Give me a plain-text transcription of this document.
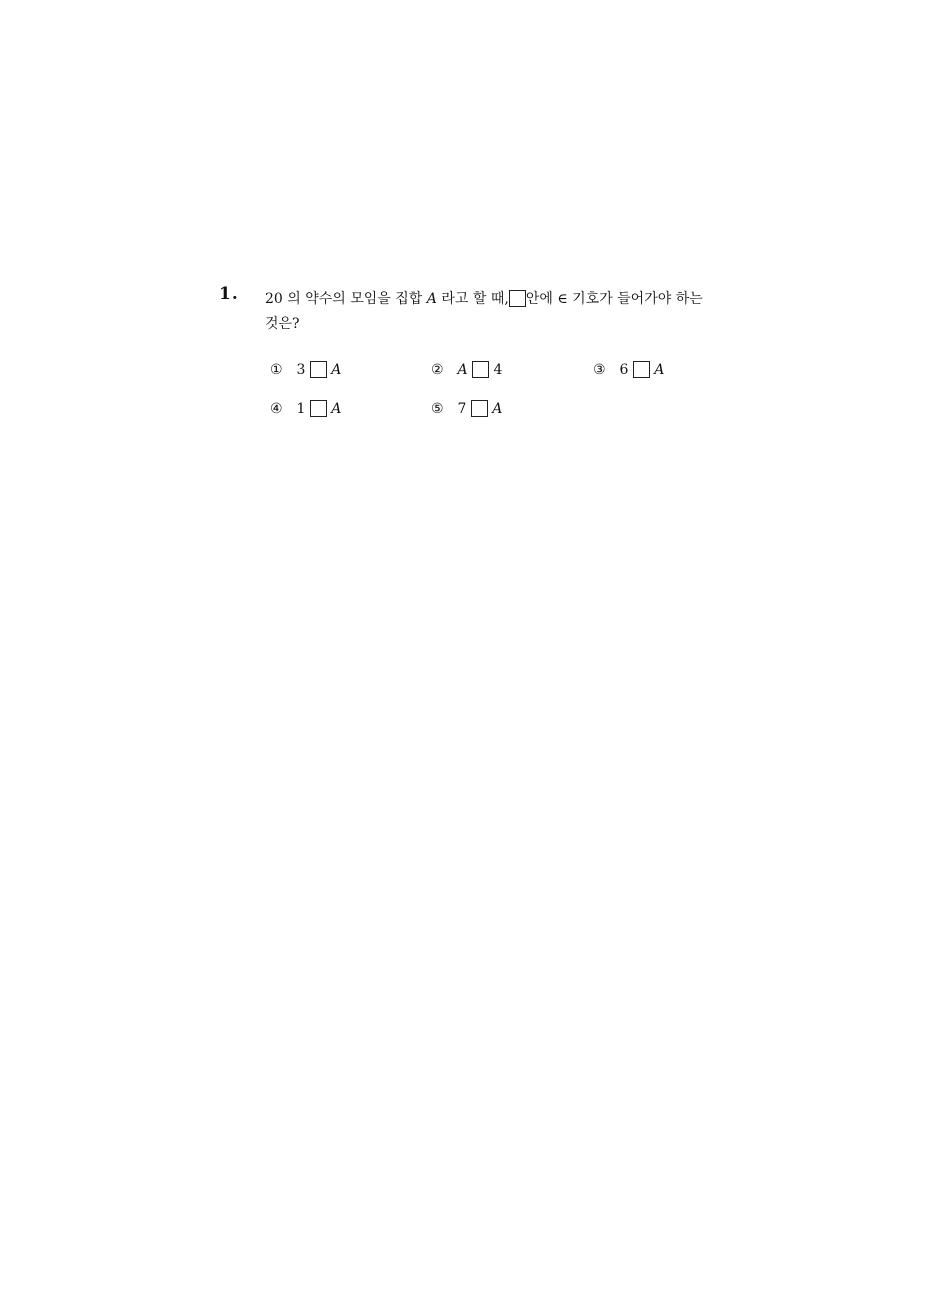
1. 20 의 약수의 모임을 집합 A 라고 할 때, 안에 ∈ 기호가 들어가야 하는
것은?
① 3 A	② A 4	③ 6 A
④ 1 A	⑤ 7 A
